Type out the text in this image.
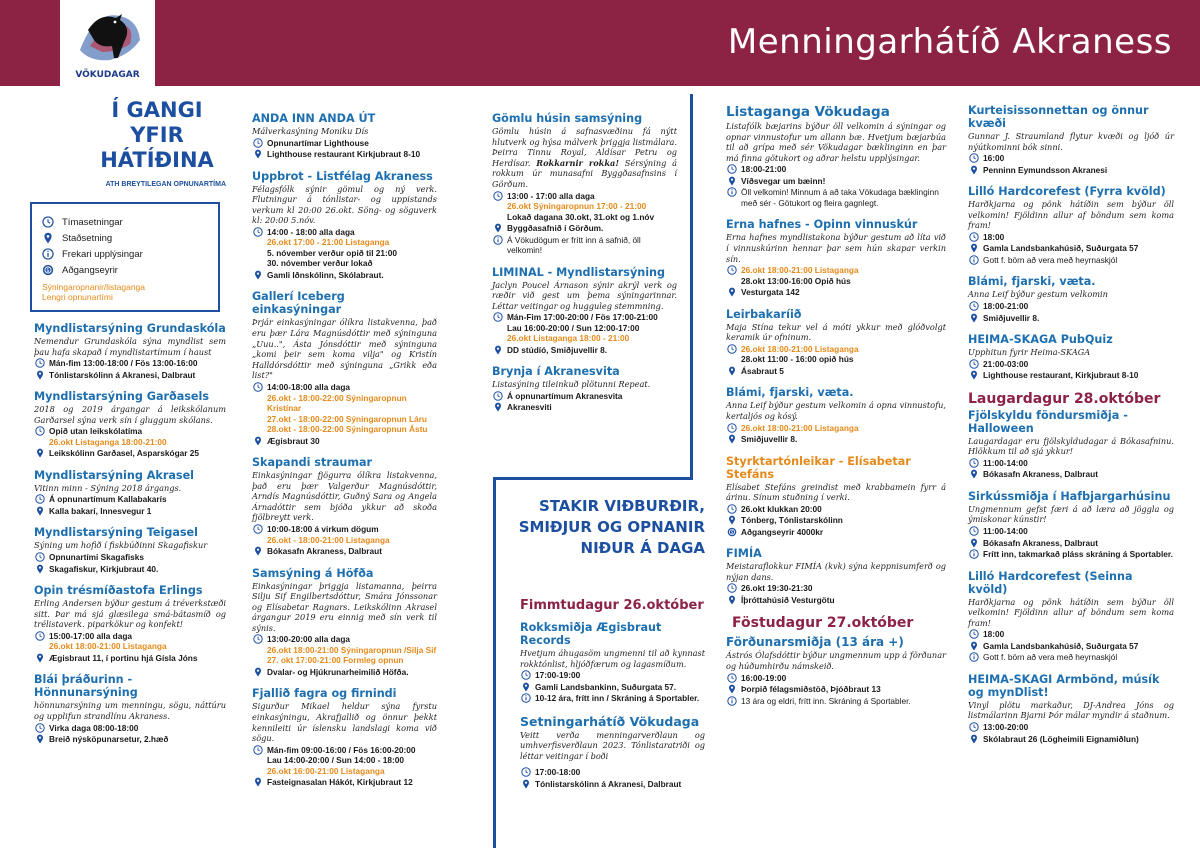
VÖKUDAGAR
Menningarhátíð Akraness
Í GANGI
YFIR
HÁTÍÐINA
ATH BREYTILEGAN OPNUNARTÍMA
Tímasetningar
Staðsetning
Frekari upplýsingar
Aðgangseyrir
Sýningaropnanir/listaganga
Lengri opnunartími
Myndlistarsýning Grundaskóla
Nemendur Grundaskóla sýna myndlist sem þau hafa skapað í myndlistartímum í haust
Mán-fim 13:00-18:00 / Fös 13:00-16:00
Tónlistarskólinn á Akranesi, Dalbraut
Myndlistarsýning Garðasels
2018 og 2019 árgangar á leikskólanum Garðarsel sýna verk sín í gluggum skólans.
Opið utan leikskólatíma
26.okt Listaganga 18:00-21:00
Leikskólinn Garðasel, Asparskógar 25
Myndlistarsýning Akrasel
Vitinn minn - Sýning 2018 árgangs.
Á opnunartímum Kallabakarís
Kalla bakarí, Innesvegur 1
Myndlistarsýning Teigasel
Sýning um hofið í fiskbúðinni Skagafiskur
Opnunartími Skagafisks
Skagafiskur, Kirkjubraut 40.
Opin trésmíðastofa Erlings
Erling Andersen býður gestum á tréverkstæði sitt. Þar má sjá glæsilega smá-bátasmíð og trélistaverk. piparkökur og konfekt!
15:00-17:00 alla daga
26.okt 18:00-21:00 Listaganga
Ægisbraut 11, í portinu hjá Gísla Jóns
Blái þráðurinn - Hönnunarsýning
hönnunarsýning um menningu, sögu, náttúru og upplifun strandlínu Akraness.
Virka daga 08:00-18:00
Breið nýsköpunarsetur, 2.hæð
ANDA INN ANDA ÚT
Málverkasýning Moniku Dís
Opnunartímar Lighthouse
Lighthouse restaurant Kirkjubraut 8-10
Uppbrot - Listfélag Akraness
Félagsfólk sýnir gömul og ný verk. Flutningur á tónlistar- og uppistands verkum kl 20:00 26.okt. Söng- og söguverk kl: 20:00 5.nóv.
14:00 - 18:00 alla daga
26.okt 17:00 - 21:00 Listaganga
5. nóvember verður opið til 21:00
30. nóvember verður lokað
Gamli Iðnskólinn, Skólabraut.
Gallerí Iceberg einkasýningar
Þrjár einkasýningar ólíkra listakvenna, það eru þær Lára Magnúsdóttir með sýninguna „Uuu..", Ásta Jónsdóttir með sýninguna „komi þeir sem koma vilja" og Kristín Halldórsdóttir með sýninguna „Grikk eða list?"
14:00-18:00 alla daga
26.okt - 18:00-22:00 Sýningaropnun Kristínar
27.okt - 18:00-22:00 Sýningaropnun Láru
28.okt - 18:00-22:00 Sýningaropnun Ástu
Ægisbraut 30
Skapandi straumar
Einkasýningar fjögurra ólíkra listakvenna, það eru þær Valgerður Magnúsdóttir, Arndís Magnúsdóttir, Guðný Sara og Angela Árnadóttir sem bjóða ykkur að skoða fjölbreytt verk.
10:00-18:00 á virkum dögum
26.okt - 18:00-21:00 Listaganga
Bókasafn Akraness, Dalbraut
Samsýning á Höfða
Einkasýningar þriggja listamanna, þeirra Silju Sif Engilbertsdóttur, Smára Jónssonar og Elísabetar Ragnars. Leikskólinn Akrasel árgangur 2019 eru einnig með sín verk til sýnis.
13:00-20:00 alla daga
26.okt 18:00-21:00 Sýningaropnun /Silja Sif
27. okt 17:00-21:00 Formleg opnun
Dvalar- og Hjúkrunarheimilið Höfða.
Fjallið fagra og firnindi
Sigurður Mikael heldur sýna fyrstu einkasýningu, Akrafjallið og önnur þekkt kennileiti úr íslensku landslagi koma við sögu.
Mán-fim 09:00-16:00 / Fös 16:00-20:00
Lau 14:00-20:00 / Sun 14:00 - 18:00
26.okt 16:00-21:00 Listaganga
Fasteignasalan Hákót, Kirkjubraut 12
Gömlu húsin samsýning
Gömlu húsin á safnasvæðinu fá nýtt hlutverk og hýsa málverk þriggja listmálara. Þeirra Tinnu Royal, Aldísar Petru og Herdísar. Rokkarnir rokka! Sérsýning á rokkum úr munasafni Byggðasafnsins í Görðum.
13:00 - 17:00 alla daga
26.okt Sýningaropnun 17:00 - 21:00
Lokað dagana 30.okt, 31.okt og 1.nóv
Byggðasafnið í Görðum.
Á Vökudögum er frítt inn á safnið, öll velkomin!
LIMINAL - Myndlistarsýning
Jaclyn Poucel Árnason sýnir akrýl verk og ræðir við gest um þema sýningarinnar. Léttar veitingar og hugguleg stemmning.
Mán-Fim 17:00-20:00 / Fös 17:00-21:00
Lau 16:00-20:00 / Sun 12:00-17:00
26.okt Listaganga 18:00 - 21:00
DD stúdíó, Smiðjuvellir 8.
Brynja í Akranesvita
Listasýning tileinkuð plötunni Repeat.
Á opnunartímum Akranesvita
Akranesviti
STAKIR VIÐBURÐIR,
SMIÐJUR OG OPNANIR
NIÐUR Á DAGA
Fimmtudagur 26.október
Rokksmiðja Ægisbraut Records
Hvetjum áhugasöm ungmenni til að kynnast rokktónlist, hljóðfærum og lagasmíðum.
17:00-19:00
Gamli Landsbankinn, Suðurgata 57.
10-12 ára, frítt inn / Skráning á Sportabler.
Setningarhátíð Vökudaga
Veitt verða menningarverðlaun og umhverfisverðlaun 2023. Tónlistaratriði og léttar veitingar í boði
17:00-18:00
Tónlistarskólinn á Akranesi, Dalbraut
Listaganga Vökudaga
Listafólk bæjarins býður öll velkomin á sýningar og opnar vinnustofur um allann bæ. Hvetjum bæjarbúa til að grípa með sér Vökudagar bæklinginn en þar má finna götukort og aðrar helstu upplýsingar.
18:00-21:00
Víðsvegar um bæinn!
Öll velkomin! Minnum á að taka Vökudaga bæklinginn með sér - Götukort og fleira gagnlegt.
Erna hafnes - Opinn vinnuskúr
Erna hafnes myndlistakona býður gestum að líta við í vinnuskúrinn hennar þar sem hún skapar verkin sín.
26.okt 18:00-21:00 Listaganga
28.okt 13:00-16:00 Opið hús
Vesturgata 142
Leirbakaríið
Maja Stína tekur vel á móti ykkur með glóðvolgt keramik úr ofninum.
26.okt 18:00-21:00 Listaganga
28.okt 11:00 - 16:00 opið hús
Ásabraut 5
Blámi, fjarski, væta.
Anna Leif býður gestum velkomin á opna vinnustofu, kertaljós og kósý.
26.okt 18:00-21:00 Listaganga
Smiðjuvellir 8.
Styrktartónleikar - Elísabetar Stefáns
Elísabet Stefáns greindist með krabbamein fyrr á árinu. Sínum stuðning í verki.
26.okt klukkan 20:00
Tónberg, Tónlistarskólinn
Aðgangseyrir 4000kr
FIMÍA
Meistaraflokkur FIMÍA (kvk) sýna keppnisumferð og nýjan dans.
26.okt 19:30-21:30
Íþróttahúsið Vesturgötu
Föstudagur 27.október
Förðunarsmiðja (13 ára +)
Ástrós Ólafsdóttir býður ungmennum upp á förðunar og húðumhirðu námskeið.
16:00-19:00
Þorpið félagsmiðstöð, Þjóðbraut 13
13 ára og eldri, frítt inn. Skráning á Sportabler.
Kurteisissonnettan og önnur kvæði
Gunnar J. Straumland flytur kvæði og ljóð úr nýútkominni bók sinni.
16:00
Penninn Eymundsson Akranesi
Lilló Hardcorefest (Fyrra kvöld)
Harðkjarna og pönk hátíðin sem býður öll velkomin! Fjöldinn allur af böndum sem koma fram!
18:00
Gamla Landsbankahúsið, Suðurgata 57
Gott f. börn að vera með heyrnaskjól
Blámi, fjarski, væta.
Anna Leif býður gestum velkomin
18:00-21:00
Smiðjuvellir 8.
HEIMA-SKAGA PubQuiz
Upphitun fyrir Heima-SKAGA
21:00-03:00
Lighthouse restaurant, Kirkjubraut 8-10
Laugardagur 28.október
Fjölskyldu föndursmiðja - Halloween
Laugardagar eru fjölskyldudagar á Bókasafninu. Hlökkum til að sjá ykkur!
11:00-14:00
Bókasafn Akraness, Dalbraut
Sirkússmiðja í Hafbjargarhúsinu
Ungmennum gefst færi á að læra að jöggla og ýmiskonar kúnstir!
11:00-14:00
Bókasafn Akraness, Dalbraut
Frítt inn, takmarkað pláss skráning á Sportabler.
Lilló Hardcorefest (Seinna kvöld)
Harðkjarna og pönk hátíðin sem býður öll velkomin! Fjöldinn allur af böndum sem koma fram!
18:00
Gamla Landsbankahúsið, Suðurgata 57
Gott f. börn að vera með heyrnaskjól
HEIMA-SKAGI Armbönd, músík og mynDlist!
Vinyl plötu markaður, DJ-Andrea Jóns og listmálarinn Bjarni Þór málar myndir á staðnum.
13:00-20:00
Skólabraut 26 (Lögheimili Eignamiðlun)
